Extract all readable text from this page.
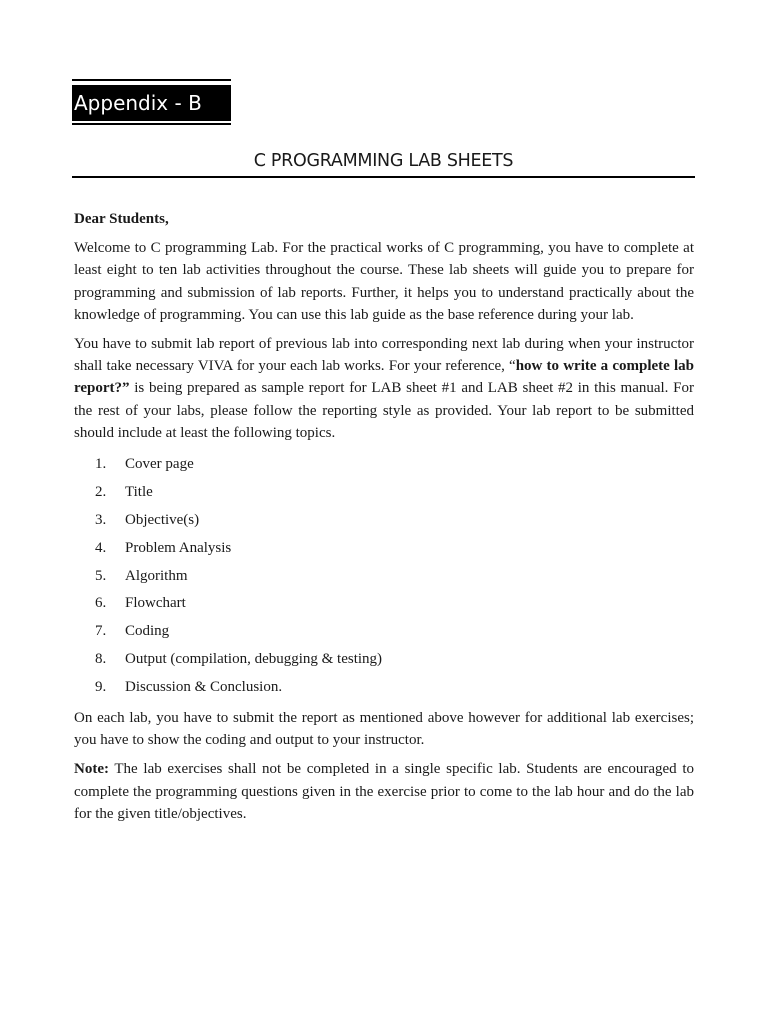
Appendix - B
C PROGRAMMING LAB SHEETS

Dear Students,

Welcome to C programming Lab. For the practical works of C programming, you have to complete at least eight to ten lab activities throughout the course. These lab sheets will guide you to prepare for programming and submission of lab reports. Further, it helps you to understand practically about the knowledge of programming. You can use this lab guide as the base reference during your lab.

You have to submit lab report of previous lab into corresponding next lab during when your instructor shall take necessary VIVA for your each lab works. For your reference, “how to write a complete lab report?” is being prepared as sample report for LAB sheet #1 and LAB sheet #2 in this manual. For the rest of your labs, please follow the reporting style as provided. Your lab report to be submitted should include at least the following topics.

1. Cover page
2. Title
3. Objective(s)
4. Problem Analysis
5. Algorithm
6. Flowchart
7. Coding
8. Output (compilation, debugging & testing)
9. Discussion & Conclusion.

On each lab, you have to submit the report as mentioned above however for additional lab exercises; you have to show the coding and output to your instructor.

Note: The lab exercises shall not be completed in a single specific lab. Students are encouraged to complete the programming questions given in the exercise prior to come to the lab hour and do the lab for the given title/objectives.
